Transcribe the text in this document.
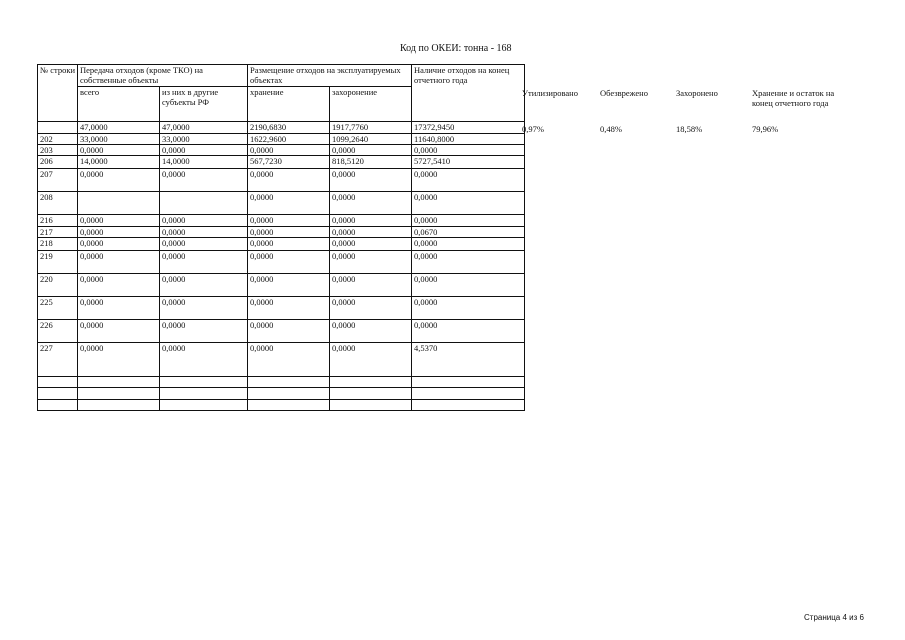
Код по ОКЕИ: тонна - 168
№ строки	Передача отходов (кроме ТКО) на собственные объекты		Размещение отходов на эксплуатируемых объектах		Наличие отходов на конец отчетного года
	всего	из них в другие субъекты РФ	хранение	захоронение	
	47,0000	47,0000	2190,6830	1917,7760	17372,9450
202	33,0000	33,0000	1622,9600	1099,2640	11640,8000
203	0,0000	0,0000	0,0000	0,0000	0,0000
206	14,0000	14,0000	567,7230	818,5120	5727,5410
207	0,0000	0,0000	0,0000	0,0000	0,0000
208			0,0000	0,0000	0,0000
216	0,0000	0,0000	0,0000	0,0000	0,0000
217	0,0000	0,0000	0,0000	0,0000	0,0670
218	0,0000	0,0000	0,0000	0,0000	0,0000
219	0,0000	0,0000	0,0000	0,0000	0,0000
220	0,0000	0,0000	0,0000	0,0000	0,0000
225	0,0000	0,0000	0,0000	0,0000	0,0000
226	0,0000	0,0000	0,0000	0,0000	0,0000
227	0,0000	0,0000	0,0000	0,0000	4,5370

Утилизировано	Обезврежено	Захоронено	Хранение и остаток на конец отчетного года
0,97%	0,48%	18,58%	79,96%
Страница 4 из 6
